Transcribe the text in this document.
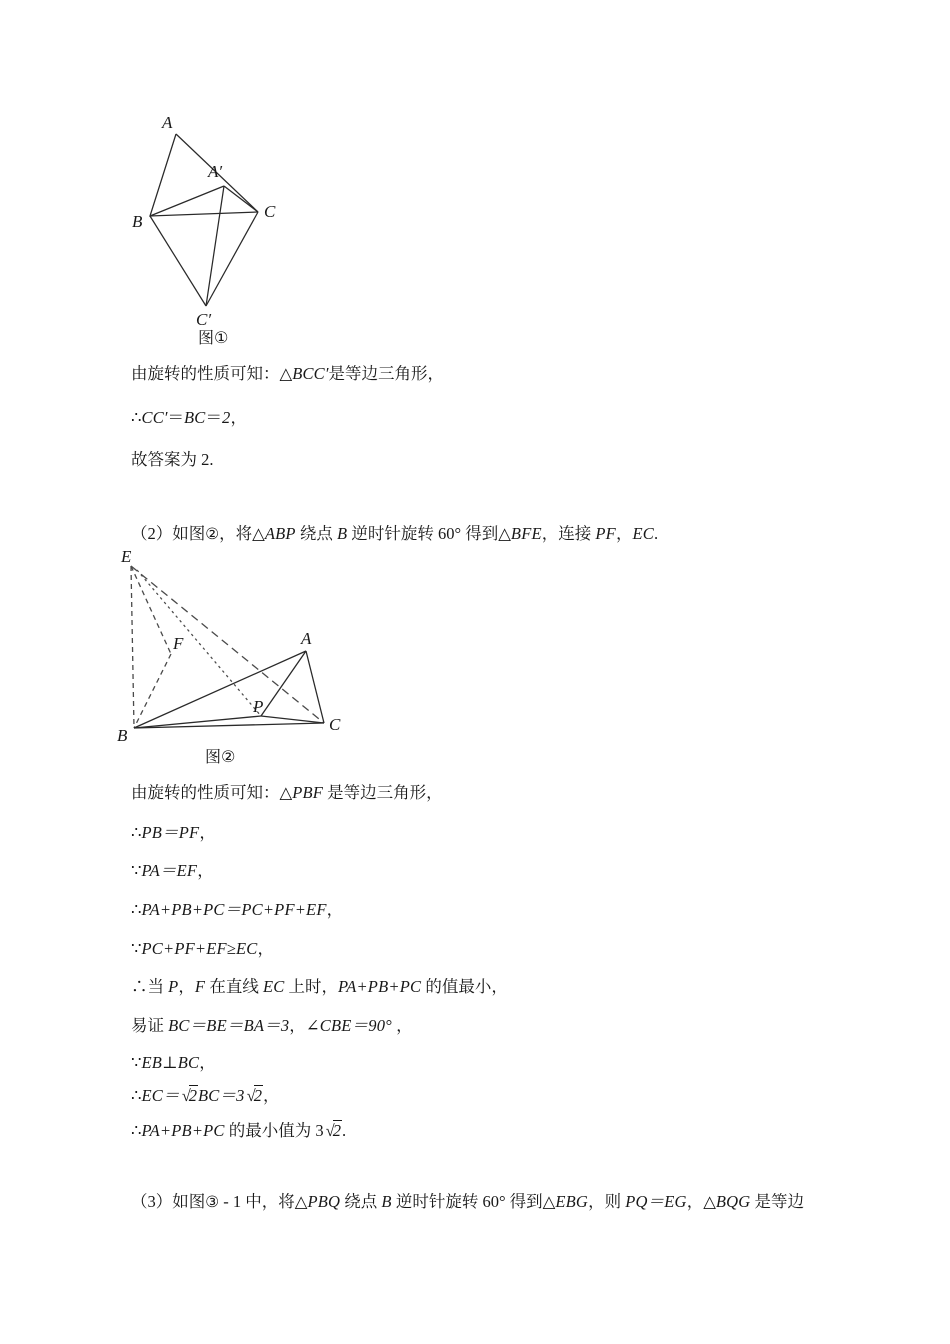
A
A′
B
C
C′
图①
由旋转的性质可知：△BCC′是等边三角形，
∴CC′＝BC＝2，
故答案为 2.
（2）如图②，将△ABP 绕点 B 逆时针旋转 60° 得到△BFE，连接 PF，EC.
E
F	A
B
P
C
图②
由旋转的性质可知：△PBF 是等边三角形，
∴PB＝PF，
∵PA＝EF，
∴PA+PB+PC＝PC+PF+EF，
∵PC+PF+EF≥EC，
∴当 P，F 在直线 EC 上时，PA+PB+PC 的值最小，
易证 BC＝BE＝BA＝3，∠CBE＝90° ，
∵EB⊥BC，
∴EC＝ √2BC＝3 √2，
∴PA+PB+PC 的最小值为 3 √2.
（3）如图③ - 1 中，将△PBQ 绕点 B 逆时针旋转 60° 得到△EBG，则 PQ＝EG，△BQG 是等边
